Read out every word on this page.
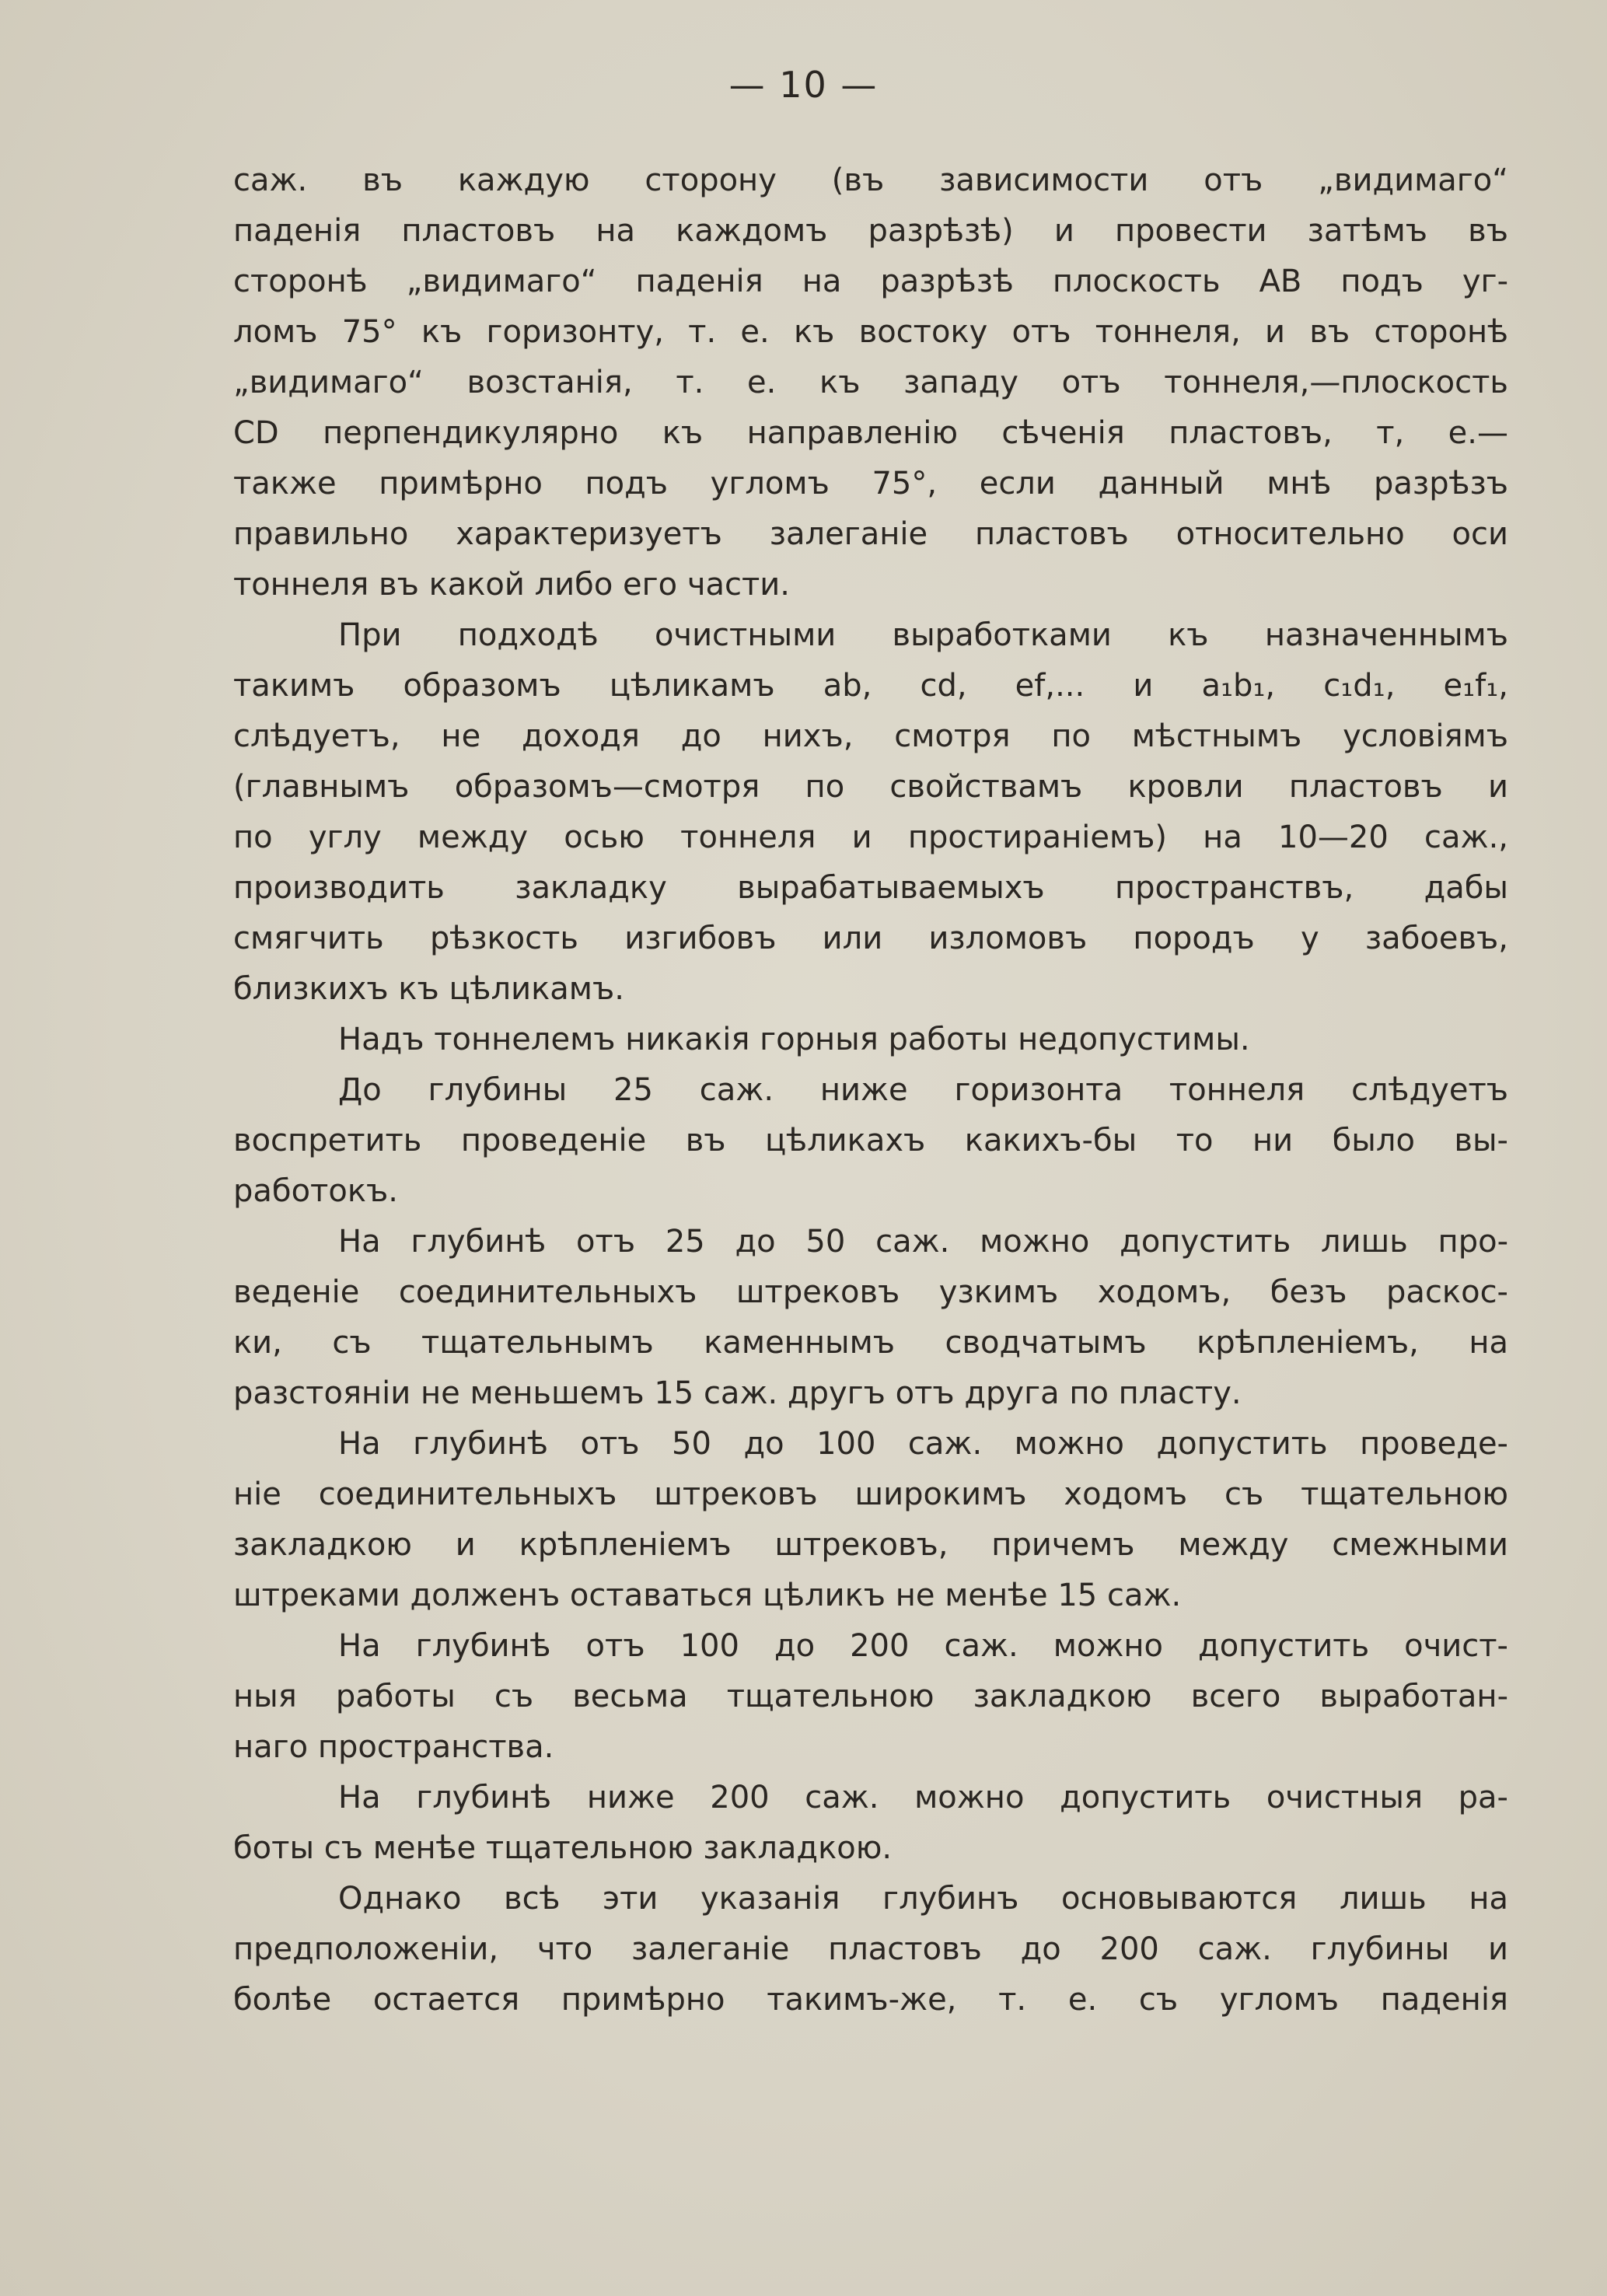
— 10 —
саж. въ каждую сторону (въ зависимости отъ „видимаго“
паденія пластовъ на каждомъ разрѣзѣ) и провести затѣмъ въ
сторонѣ „видимаго“ паденія на разрѣзѣ плоскость AB подъ уг-
ломъ 75° къ горизонту, т. е. къ востоку отъ тоннеля, и въ сторонѣ
„видимаго“ возстанія, т. е. къ западу отъ тоннеля,—плоскость
CD перпендикулярно къ направленію сѣченія пластовъ, т, е.—
также примѣрно подъ угломъ 75°, если данный мнѣ разрѣзъ
правильно характеризуетъ залеганіе пластовъ относительно оси
тоннеля въ какой либо его части.
При подходѣ очистными выработками къ назначеннымъ
такимъ образомъ цѣликамъ ab, cd, ef,... и a₁b₁, c₁d₁, e₁f₁,
слѣдуетъ, не доходя до нихъ, смотря по мѣстнымъ условіямъ
(главнымъ образомъ—смотря по свойствамъ кровли пластовъ и
по углу между осью тоннеля и простираніемъ) на 10—20 саж.,
производить закладку вырабатываемыхъ пространствъ, дабы
смягчить рѣзкость изгибовъ или изломовъ породъ у забоевъ,
близкихъ къ цѣликамъ.
Надъ тоннелемъ никакія горныя работы недопустимы.
До глубины 25 саж. ниже горизонта тоннеля слѣдуетъ
воспретить проведеніе въ цѣликахъ какихъ-бы то ни было вы-
работокъ.
На глубинѣ отъ 25 до 50 саж. можно допустить лишь про-
веденіе соединительныхъ штрековъ узкимъ ходомъ, безъ раскос-
ки, съ тщательнымъ каменнымъ сводчатымъ крѣпленіемъ, на
разстояніи не меньшемъ 15 саж. другъ отъ друга по пласту.
На глубинѣ отъ 50 до 100 саж. можно допустить проведе-
ніе соединительныхъ штрековъ широкимъ ходомъ съ тщательною
закладкою и крѣпленіемъ штрековъ, причемъ между смежными
штреками долженъ оставаться цѣликъ не менѣе 15 саж.
На глубинѣ отъ 100 до 200 саж. можно допустить очист-
ныя работы съ весьма тщательною закладкою всего выработан-
наго пространства.
На глубинѣ ниже 200 саж. можно допустить очистныя ра-
боты съ менѣе тщательною закладкою.
Однако всѣ эти указанія глубинъ основываются лишь на
предположеніи, что залеганіе пластовъ до 200 саж. глубины и
болѣе остается примѣрно такимъ-же, т. е. съ угломъ паденія
